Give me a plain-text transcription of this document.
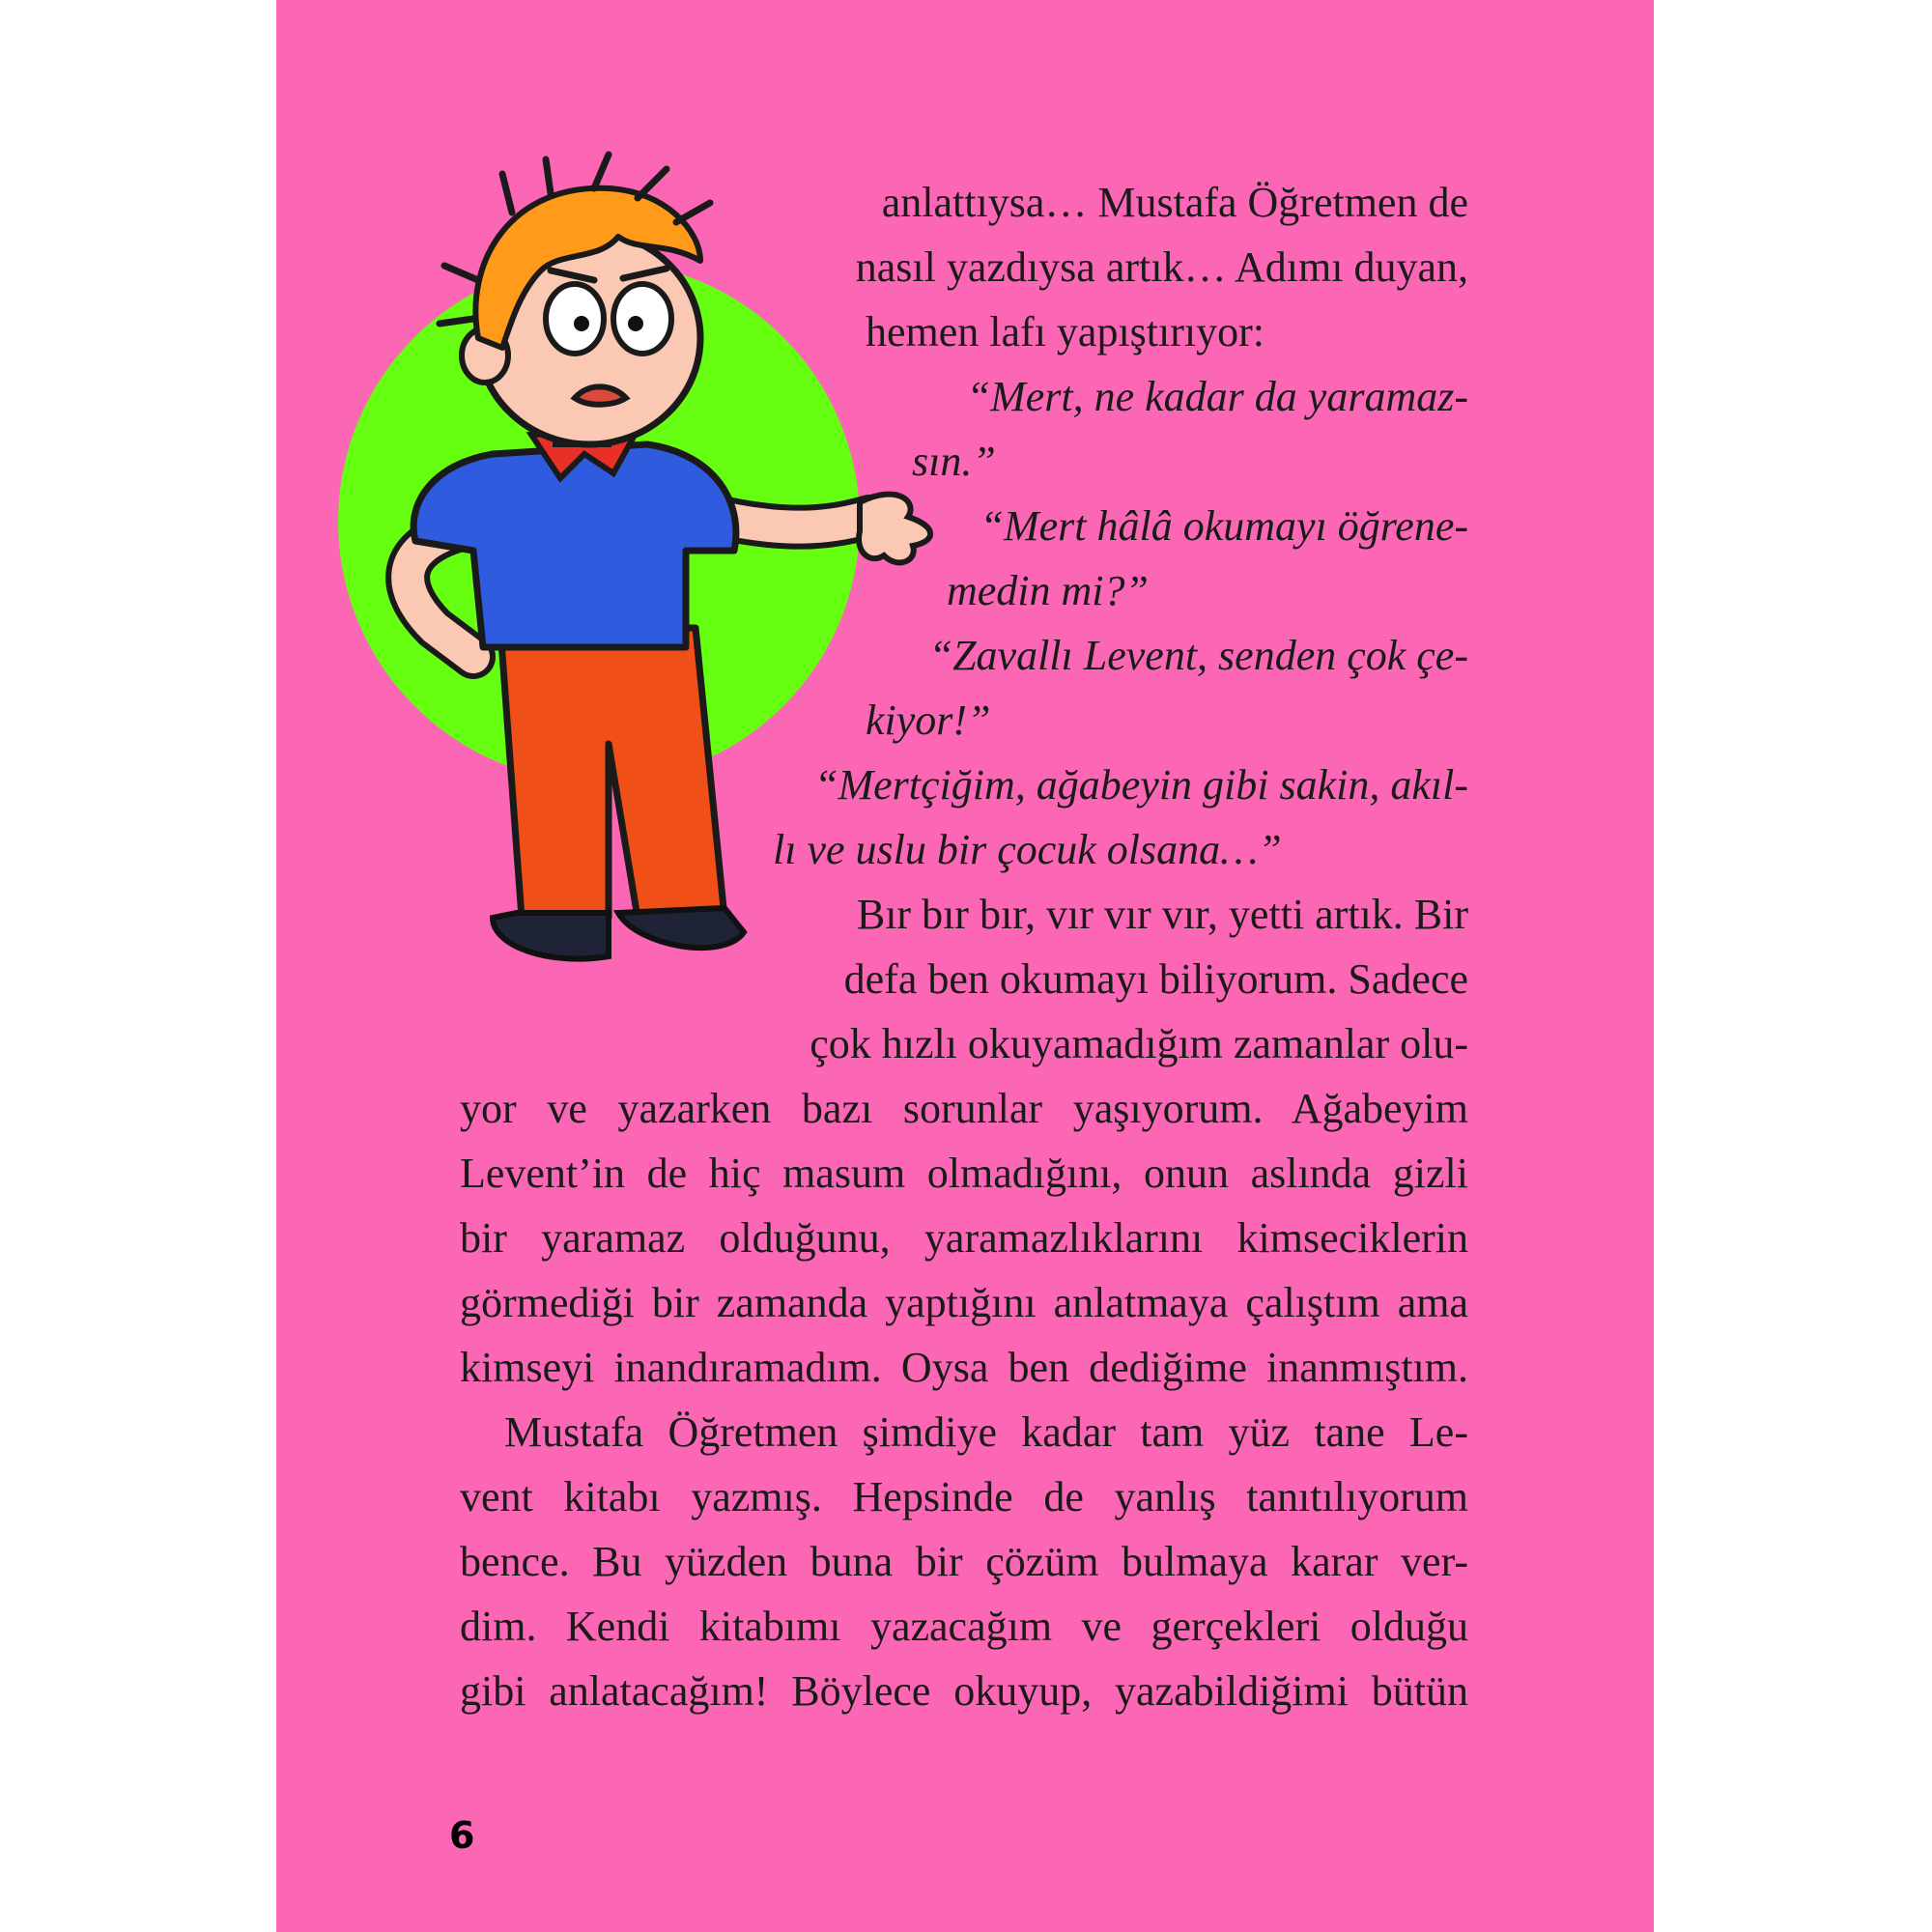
anlattıysa… Mustafa Öğretmen de
nasıl yazdıysa artık… Adımı duyan,
hemen lafı yapıştırıyor:
“Mert, ne kadar da yaramaz-
sın.”
“Mert hâlâ okumayı öğrene-
medin mi?”
“Zavallı Levent, senden çok çe-
kiyor!”
“Mertçiğim, ağabeyin gibi sakin, akıl-
lı ve uslu bir çocuk olsana…”
Bır bır bır, vır vır vır, yetti artık. Bir
defa ben okumayı biliyorum. Sadece
çok hızlı okuyamadığım zamanlar olu-
yor ve yazarken bazı sorunlar yaşıyorum. Ağabeyim
Levent’in de hiç masum olmadığını, onun aslında gizli
bir yaramaz olduğunu, yaramazlıklarını kimseciklerin
görmediği bir zamanda yaptığını anlatmaya çalıştım ama
kimseyi inandıramadım. Oysa ben dediğime inanmıştım.
Mustafa Öğretmen şimdiye kadar tam yüz tane Le-
vent kitabı yazmış. Hepsinde de yanlış tanıtılıyorum
bence. Bu yüzden buna bir çözüm bulmaya karar ver-
dim. Kendi kitabımı yazacağım ve gerçekleri olduğu
gibi anlatacağım! Böylece okuyup, yazabildiğimi bütün
6
